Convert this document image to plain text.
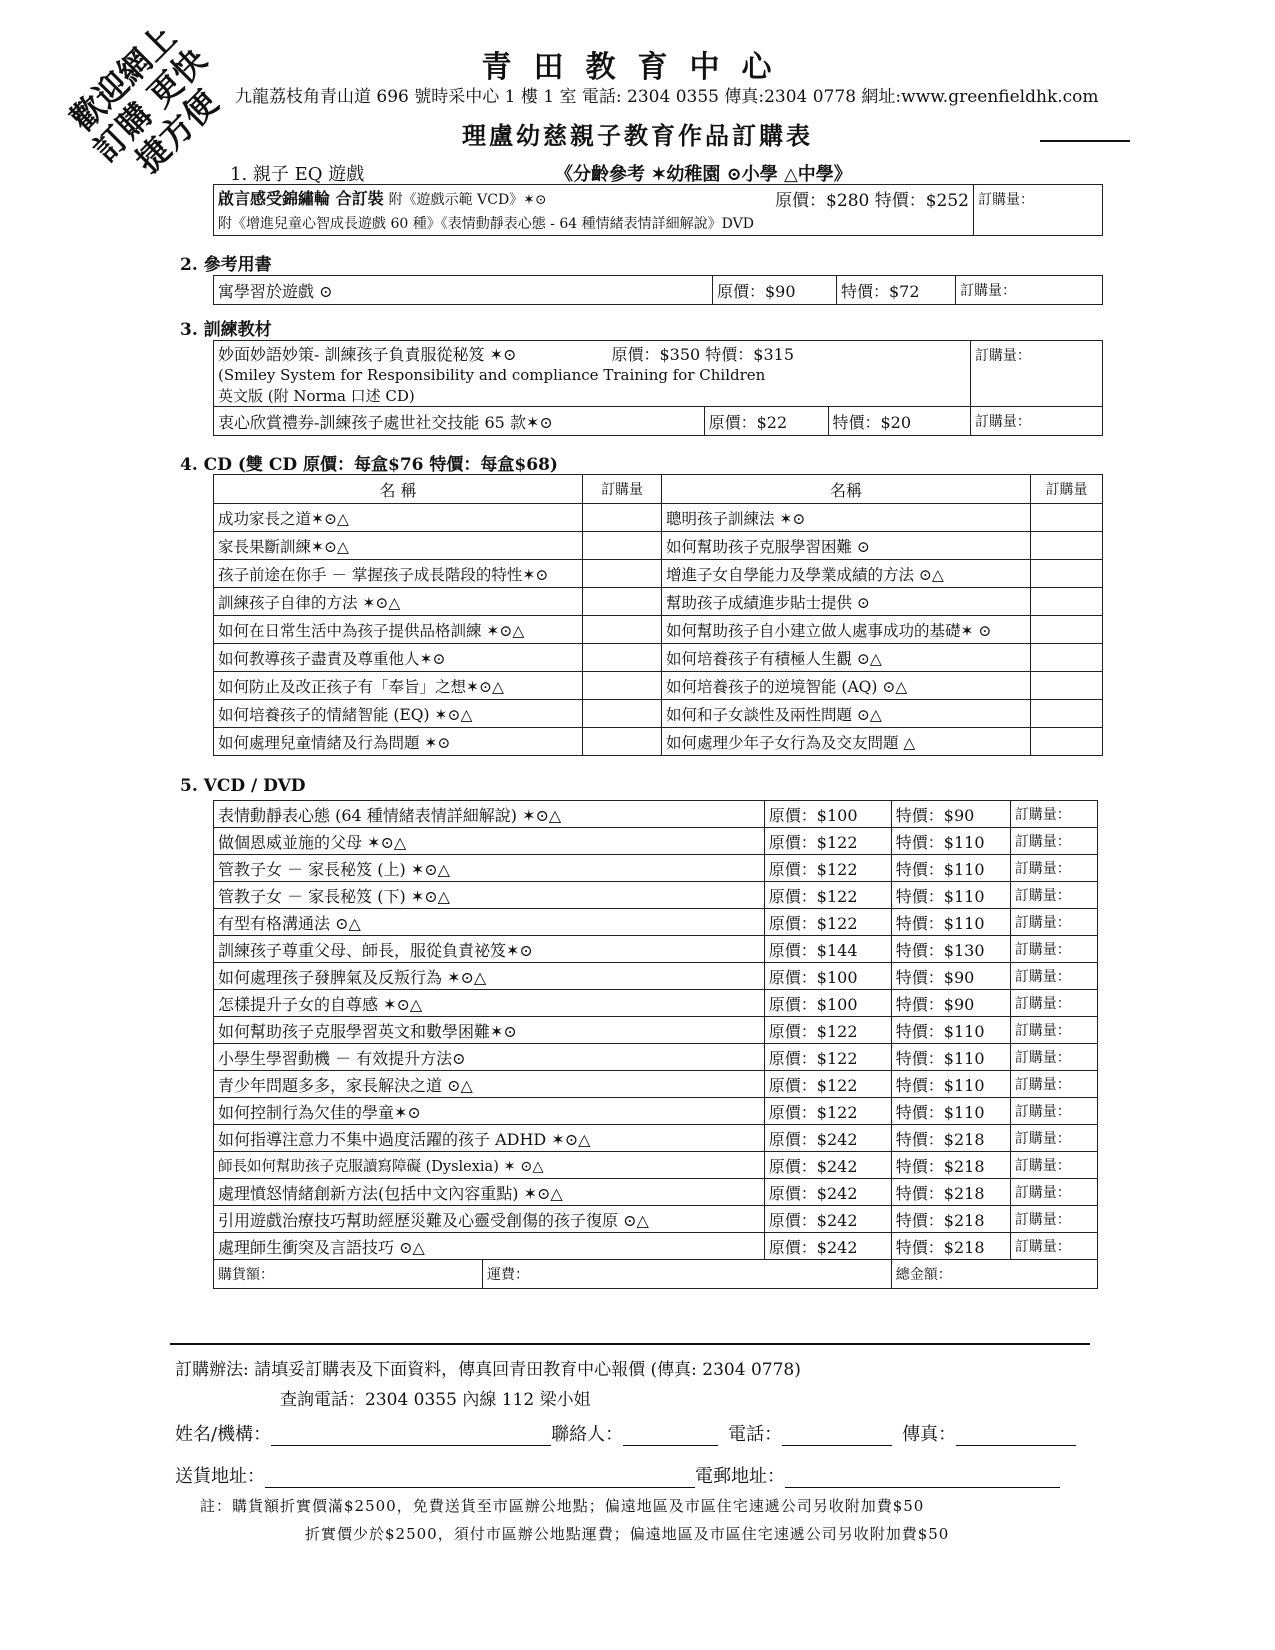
歡迎網上訂購 更快捷方便
青田教育中心
九龍荔枝角青山道 696 號時采中心 1 樓 1 室 電話: 2304 0355 傳真:2304 0778 網址:www.greenfieldhk.com
理盧幼慈親子教育作品訂購表
1. 親子 EQ 遊戲	《分齡參考 ✶幼稚園 ⊙小學 △中學》
啟言感受錦繡輪 合訂裝 附《遊戲示範 VCD》✶⊙	原價：$280 特價：$252	訂購量：
附《增進兒童心智成長遊戲 60 種》《表情動靜表心態 - 64 種情緒表情詳細解說》DVD
2. 參考用書
寓學習於遊戲 ⊙	原價：$90	特價：$72	訂購量：
3. 訓練教材
妙面妙語妙策- 訓練孩子負責服從秘笈 ✶⊙ 原價：$350 特價：$315			訂購量：
(Smiley System for Responsibility and compliance Training for Children			
英文版 (附 Norma 口述 CD)			
衷心欣賞禮券-訓練孩子處世社交技能 65 款✶⊙	原價：$22	特價：$20	訂購量：
4. CD (雙 CD 原價：每盒$76 特價：每盒$68)
名 稱	訂購量	名稱	訂購量
成功家長之道✶⊙△		聰明孩子訓練法 ✶⊙	
家長果斷訓練✶⊙△		如何幫助孩子克服學習困難 ⊙	
孩子前途在你手 － 掌握孩子成長階段的特性✶⊙		增進子女自學能力及學業成績的方法 ⊙△	
訓練孩子自律的方法 ✶⊙△		幫助孩子成績進步貼士提供 ⊙	
如何在日常生活中為孩子提供品格訓練 ✶⊙△		如何幫助孩子自小建立做人處事成功的基礎✶ ⊙	
如何教導孩子盡責及尊重他人✶⊙		如何培養孩子有積極人生觀 ⊙△	
如何防止及改正孩子有「奉旨」之想✶⊙△		如何培養孩子的逆境智能 (AQ) ⊙△	
如何培養孩子的情緒智能 (EQ) ✶⊙△		如何和子女談性及兩性問題 ⊙△	
如何處理兒童情緒及行為問題 ✶⊙		如何處理少年子女行為及交友問題 △	
5. VCD / DVD
表情動靜表心態 (64 種情緒表情詳細解說) ✶⊙△		原價：$100	特價：$90	訂購量：
做個恩威並施的父母 ✶⊙△		原價：$122	特價：$110	訂購量：
管教子女 － 家長秘笈 (上) ✶⊙△		原價：$122	特價：$110	訂購量：
管教子女 － 家長秘笈 (下) ✶⊙△		原價：$122	特價：$110	訂購量：
有型有格溝通法 ⊙△		原價：$122	特價：$110	訂購量：
訓練孩子尊重父母、師長，服從負責祕笈✶⊙		原價：$144	特價：$130	訂購量：
如何處理孩子發脾氣及反叛行為 ✶⊙△		原價：$100	特價：$90	訂購量：
怎樣提升子女的自尊感 ✶⊙△		原價：$100	特價：$90	訂購量：
如何幫助孩子克服學習英文和數學困難✶⊙		原價：$122	特價：$110	訂購量：
小學生學習動機 － 有效提升方法⊙		原價：$122	特價：$110	訂購量：
青少年問題多多，家長解決之道 ⊙△		原價：$122	特價：$110	訂購量：
如何控制行為欠佳的學童✶⊙		原價：$122	特價：$110	訂購量：
如何指導注意力不集中過度活躍的孩子 ADHD ✶⊙△		原價：$242	特價：$218	訂購量：
師長如何幫助孩子克服讀寫障礙 (Dyslexia) ✶ ⊙△		原價：$242	特價：$218	訂購量：
處理憤怒情緒創新方法(包括中文內容重點) ✶⊙△		原價：$242	特價：$218	訂購量：
引用遊戲治療技巧幫助經歷災難及心靈受創傷的孩子復原 ⊙△		原價：$242	特價：$218	訂購量：
處理師生衝突及言語技巧 ⊙△		原價：$242	特價：$218	訂購量：
購貨額：	運費：		總金額：	
訂購辦法: 請填妥訂購表及下面資料，傳真回青田教育中心報價 (傳真: 2304 0778)
查詢電話：2304 0355 內線 112 梁小姐
姓名/機構：	聯絡人：	電話：	傳真：
送貨地址：	電郵地址：
註：購貨額折實價滿$2500，免費送貨至市區辦公地點；偏遠地區及市區住宅速遞公司另收附加費$50
折實價少於$2500，須付市區辦公地點運費；偏遠地區及市區住宅速遞公司另收附加費$50
